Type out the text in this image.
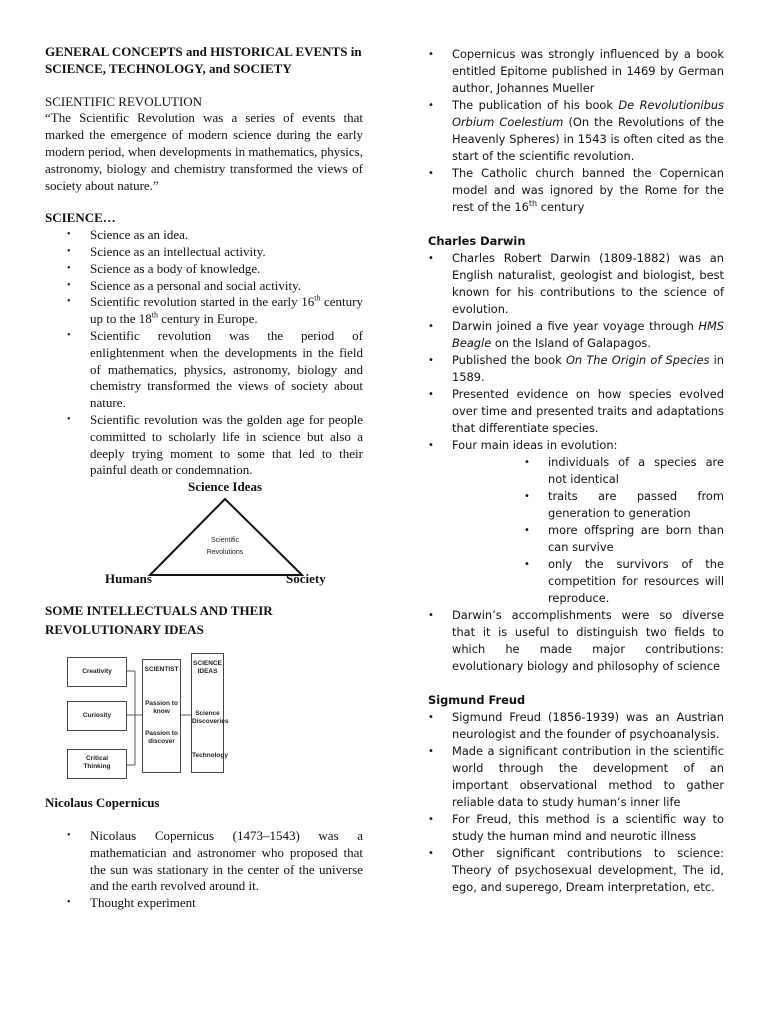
GENERAL CONCEPTS and HISTORICAL EVENTS in SCIENCE, TECHNOLOGY, and SOCIETY

SCIENTIFIC REVOLUTION

“The Scientific Revolution was a series of events that marked the emergence of modern science during the early modern period, when developments in mathematics, physics, astronomy, biology and chemistry transformed the views of society about nature.”

SCIENCE…

• Science as an idea.
• Science as an intellectual activity.
• Science as a body of knowledge.
• Science as a personal and social activity.
• Scientific revolution started in the early 16th century up to the 18th century in Europe.
• Scientific revolution was the period of enlightenment when the developments in the field of mathematics, physics, astronomy, biology and chemistry transformed the views of society about nature.
• Scientific revolution was the golden age for people committed to scholarly life in science but also a deeply trying moment to some that led to their painful death or condemnation.
Science Ideas
Scientific
Revolutions
Humans	Society

SOME INTELLECTUALS AND THEIR REVOLUTIONARY IDEAS

Creativity
Curiosity
Critical
Thinking
SCIENTIST
Passion to
know
Passion to
discover
SCIENCE
IDEAS
Science
Discoveries
Technology

Nicolaus Copernicus

• Nicolaus Copernicus (1473–1543) was a mathematician and astronomer who proposed that the sun was stationary in the center of the universe and the earth revolved around it.
• Thought experiment
• Copernicus was strongly influenced by a book entitled Epitome published in 1469 by German author, Johannes Mueller
• The publication of his book De Revolutionibus Orbium Coelestium (On the Revolutions of the Heavenly Spheres) in 1543 is often cited as the start of the scientific revolution.
• The Catholic church banned the Copernican model and was ignored by the Rome for the rest of the 16th century

Charles Darwin

• Charles Robert Darwin (1809-1882) was an English naturalist, geologist and biologist, best known for his contributions to the science of evolution.
• Darwin joined a five year voyage through HMS Beagle on the Island of Galapagos.
• Published the book On The Origin of Species in 1589.
• Presented evidence on how species evolved over time and presented traits and adaptations that differentiate species.
• Four main ideas in evolution:
• individuals of a species are not identical
• traits are passed from generation to generation
• more offspring are born than can survive
• only the survivors of the competition for resources will reproduce.
• Darwin’s accomplishments were so diverse that it is useful to distinguish two fields to which he made major contributions: evolutionary biology and philosophy of science

Sigmund Freud

• Sigmund Freud (1856-1939) was an Austrian neurologist and the founder of psychoanalysis.
• Made a significant contribution in the scientific world through the development of an important observational method to gather reliable data to study human’s inner life
• For Freud, this method is a scientific way to study the human mind and neurotic illness
• Other significant contributions to science: Theory of psychosexual development, The id, ego, and superego, Dream interpretation, etc.
